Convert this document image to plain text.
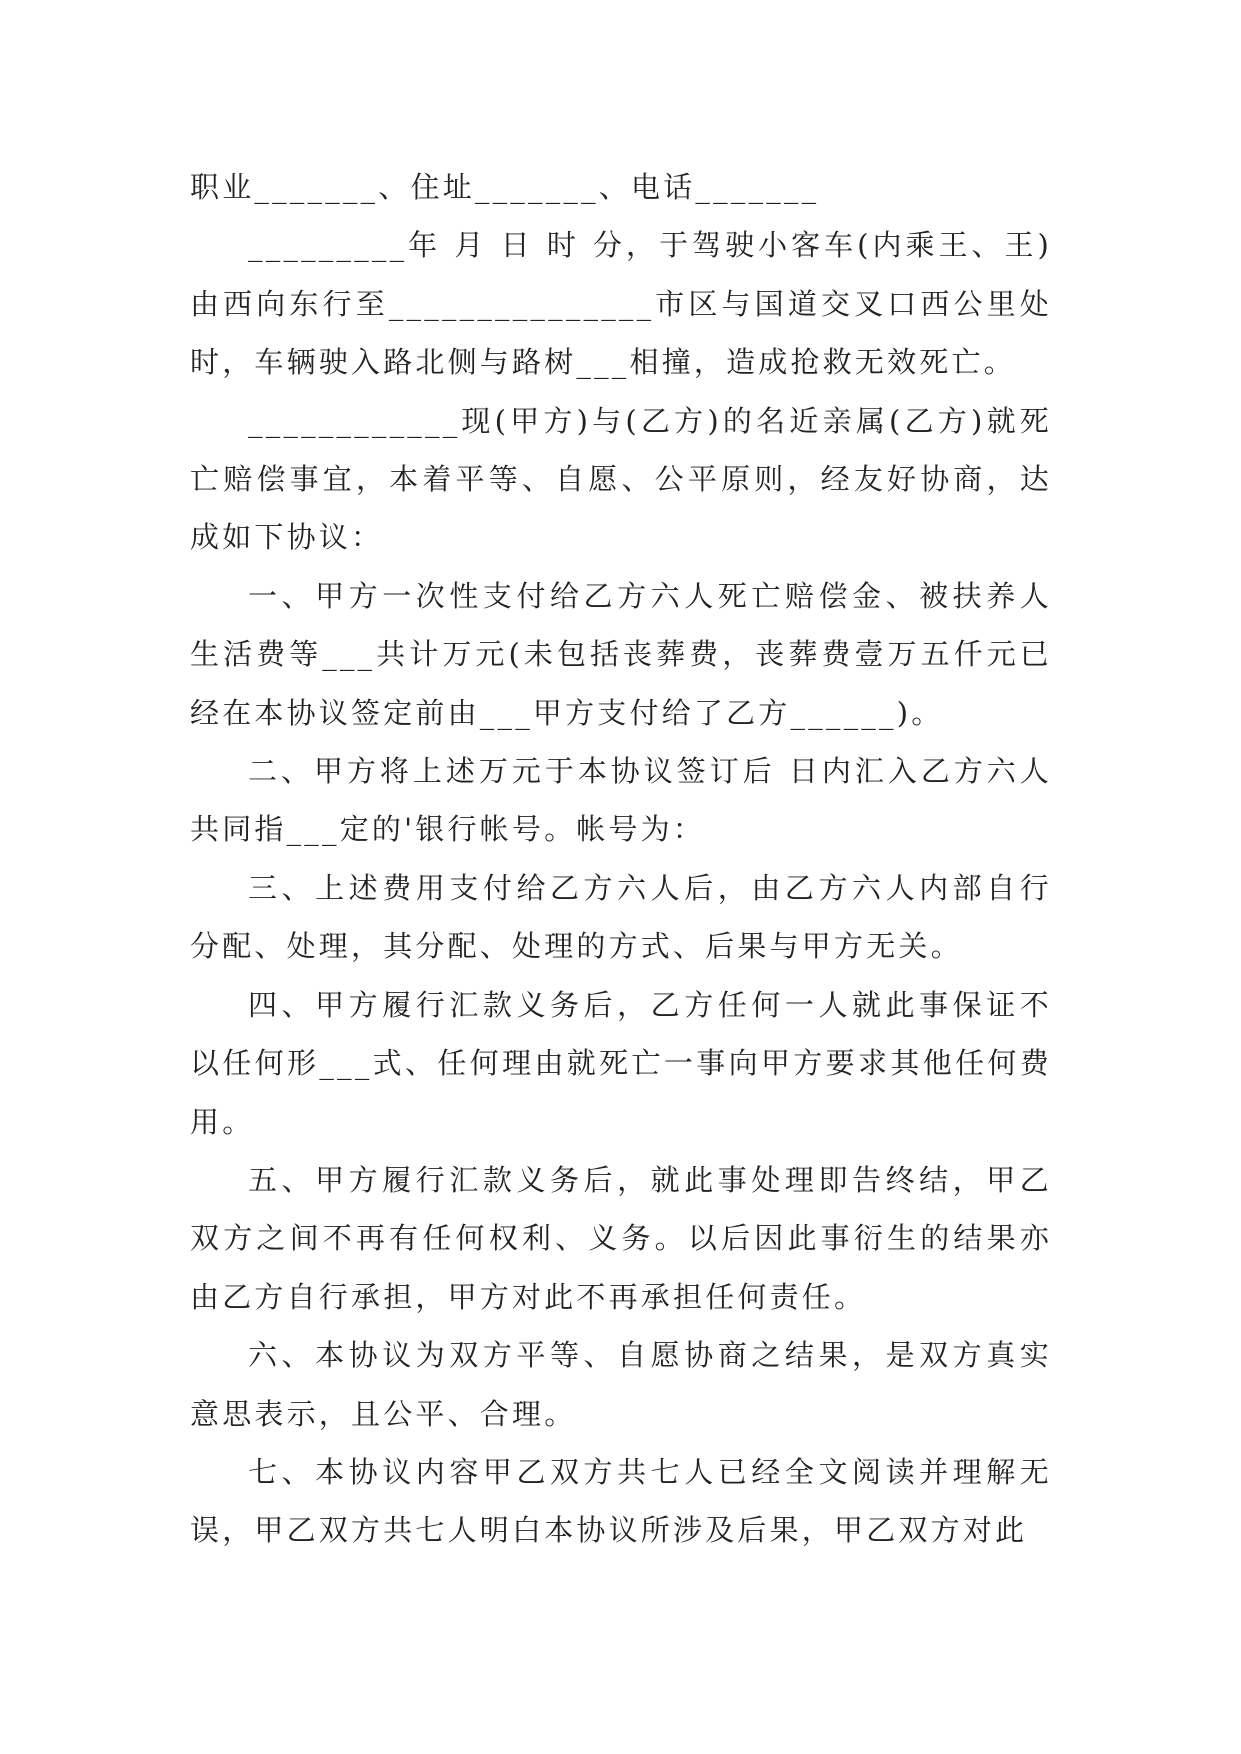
职业_______、住址_______、电话_______

_________年 月 日 时 分，于驾驶小客车(内乘王、王)由西向东行至_______________市区与国道交叉口西公里处时，车辆驶入路北侧与路树___相撞，造成抢救无效死亡。

____________现(甲方)与(乙方)的名近亲属(乙方)就死亡赔偿事宜，本着平等、自愿、公平原则，经友好协商，达成如下协议：

一、甲方一次性支付给乙方六人死亡赔偿金、被扶养人生活费等___共计万元(未包括丧葬费，丧葬费壹万五仟元已经在本协议签定前由___甲方支付给了乙方______)。

二、甲方将上述万元于本协议签订后 日内汇入乙方六人共同指___定的'银行帐号。帐号为：

三、上述费用支付给乙方六人后，由乙方六人内部自行分配、处理，其分配、处理的方式、后果与甲方无关。

四、甲方履行汇款义务后，乙方任何一人就此事保证不以任何形___式、任何理由就死亡一事向甲方要求其他任何费用。

五、甲方履行汇款义务后，就此事处理即告终结，甲乙双方之间不再有任何权利、义务。以后因此事衍生的结果亦由乙方自行承担，甲方对此不再承担任何责任。

六、本协议为双方平等、自愿协商之结果，是双方真实意思表示，且公平、合理。

七、本协议内容甲乙双方共七人已经全文阅读并理解无误，甲乙双方共七人明白本协议所涉及后果，甲乙双方对此
